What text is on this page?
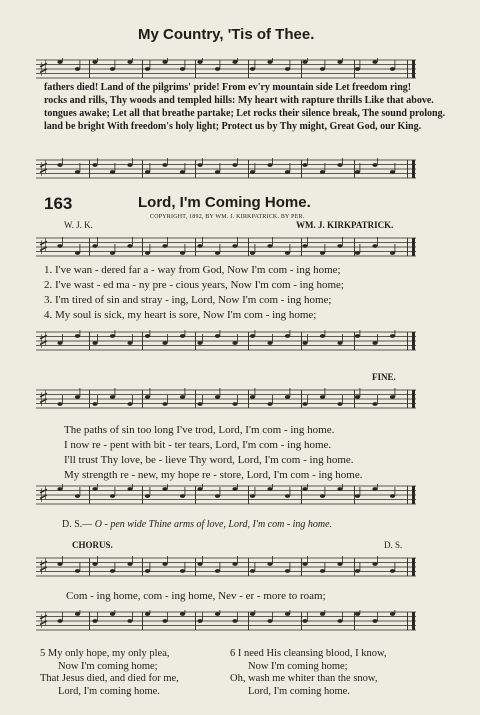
My Country, 'Tis of Thee.
♯
fathers died! Land of the pilgrims' pride! From ev'ry mountain side Let freedom ring!
rocks and rills, Thy woods and templed hills: My heart with rapture thrills Like that above.
tongues awake; Let all that breathe partake; Let rocks their silence break, The sound prolong.
land be bright With freedom's holy light; Protect us by Thy might, Great God, our King.
♯
163	Lord, I'm Coming Home.
COPYRIGHT, 1892, BY WM. J. KIRKPATRICK. BY PER.
W. J. K.	WM. J. KIRKPATRICK.
♯
1. I've wan - dered far a - way from God, Now I'm com - ing home;
2. I've wast - ed ma - ny pre - cious years, Now I'm com - ing home;
3. I'm tired of sin and stray - ing, Lord, Now I'm com - ing home;
4. My soul is sick, my heart is sore, Now I'm com - ing home;
♯
FINE.
♯
The paths of sin too long I've trod, Lord, I'm com - ing home.
I now re - pent with bit - ter tears, Lord, I'm com - ing home.
I'll trust Thy love, be - lieve Thy word, Lord, I'm com - ing home.
My strength re - new, my hope re - store, Lord, I'm com - ing home.
♯
D. S.— O - pen wide Thine arms of love, Lord, I'm com - ing home.
CHORUS.	D. S.
♯
Com - ing home, com - ing home, Nev - er - more to roam;
♯
5 My only hope, my only plea,
Now I'm coming home;
That Jesus died, and died for me,
Lord, I'm coming home.
6 I need His cleansing blood, I know,
Now I'm coming home;
Oh, wash me whiter than the snow,
Lord, I'm coming home.
